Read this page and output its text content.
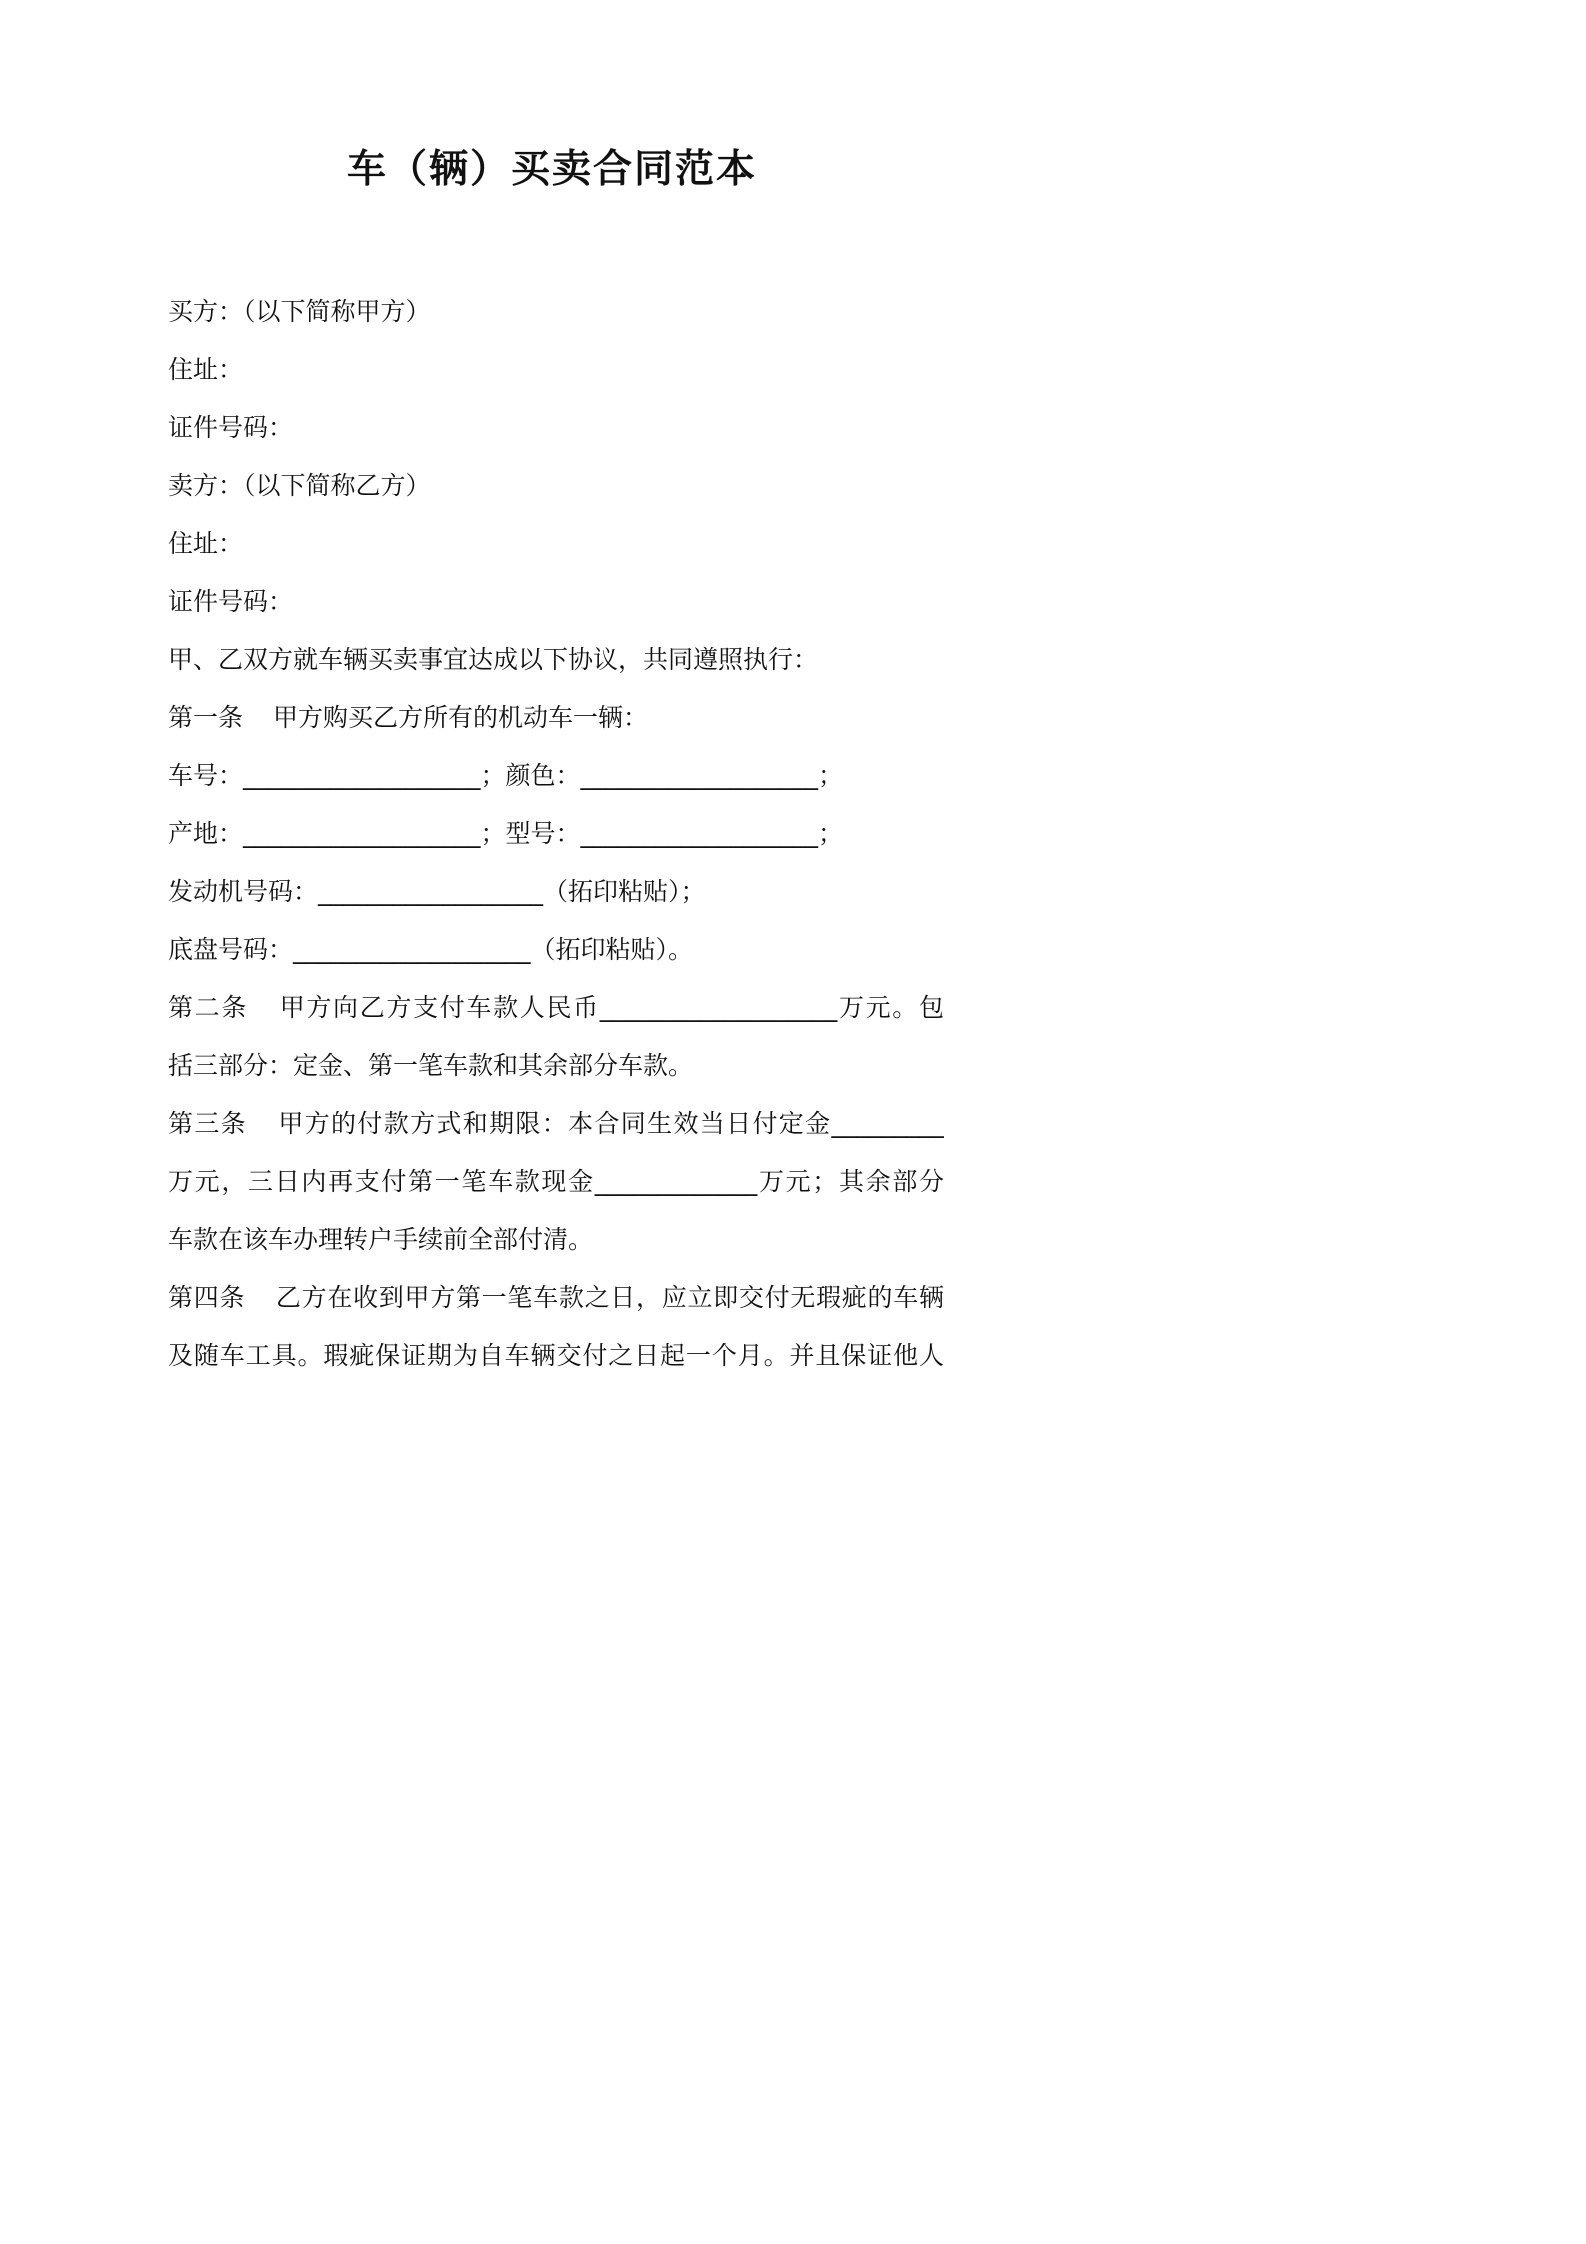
车（辆）买卖合同范本
买方：（以下简称甲方）
住址：
证件号码：
卖方：（以下简称乙方）
住址：
证件号码：
甲、乙双方就车辆买卖事宜达成以下协议，共同遵照执行：
第一条 甲方购买乙方所有的机动车一辆：
车号：___________________；颜色：___________________；
产地：___________________；型号：___________________；
发动机号码：__________________（拓印粘贴）；
底盘号码：___________________（拓印粘贴）。
第二条 甲方向乙方支付车款人民币___________________万元。包
括三部分：定金、第一笔车款和其余部分车款。
第三条 甲方的付款方式和期限：本合同生效当日付定金_________
万元，三日内再支付第一笔车款现金_____________万元；其余部分
车款在该车办理转户手续前全部付清。
第四条 乙方在收到甲方第一笔车款之日，应立即交付无瑕疵的车辆
及随车工具。瑕疵保证期为自车辆交付之日起一个月。并且保证他人
